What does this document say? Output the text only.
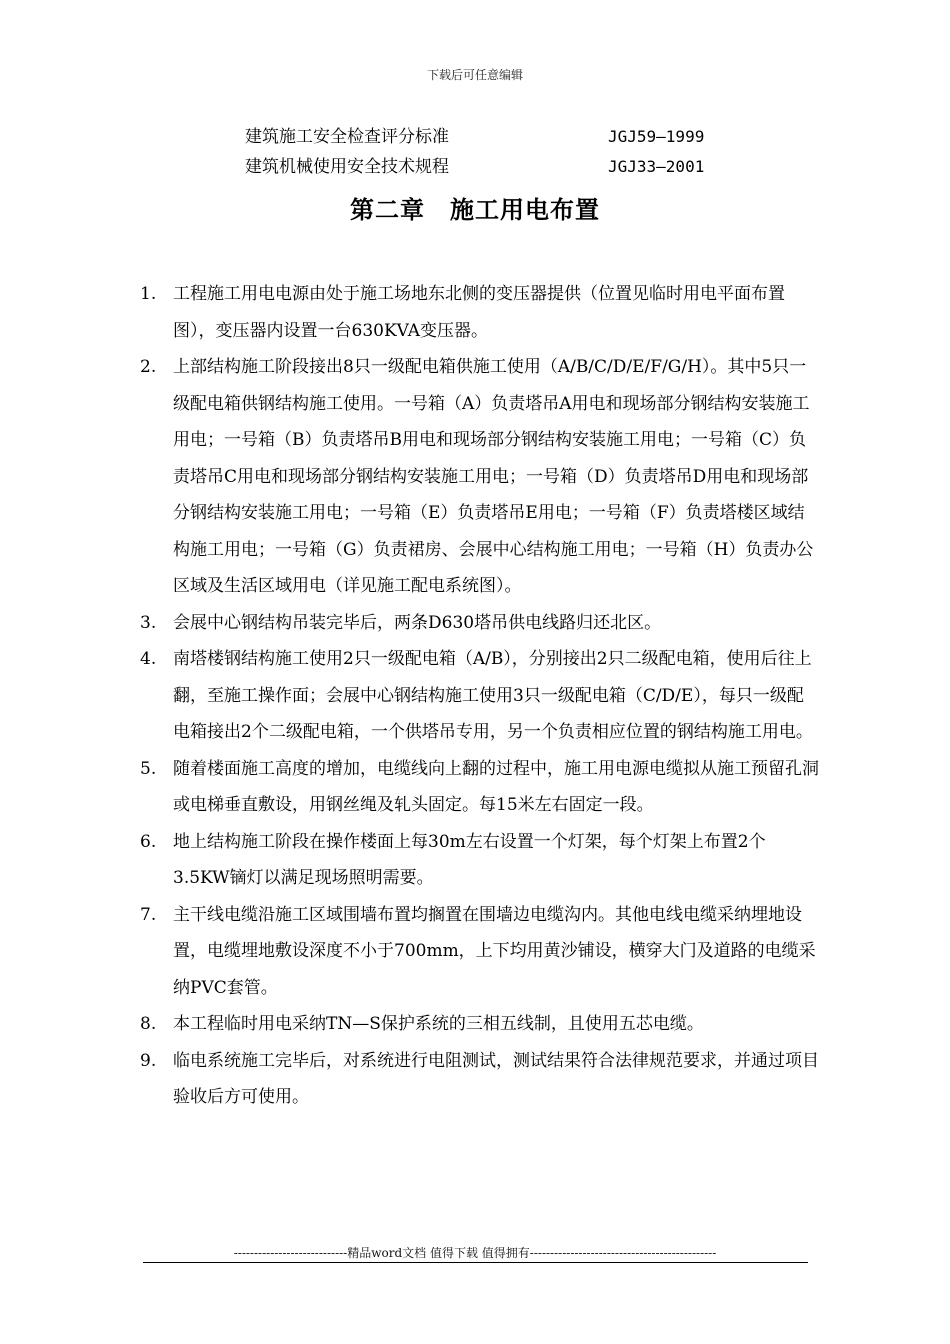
下载后可任意编辑
建筑施工安全检查评分标准	JGJ59—1999
建筑机械使用安全技术规程	JGJ33—2001
第二章　施工用电布置

1. 工程施工用电电源由处于施工场地东北侧的变压器提供（位置见临时用电平面布置图），变压器内设置一台630KVA变压器。

2. 上部结构施工阶段接出8只一级配电箱供施工使用（A/B/C/D/E/F/G/H）。其中5只一级配电箱供钢结构施工使用。一号箱（A）负责塔吊A用电和现场部分钢结构安装施工用电；一号箱（B）负责塔吊B用电和现场部分钢结构安装施工用电；一号箱（C）负责塔吊C用电和现场部分钢结构安装施工用电；一号箱（D）负责塔吊D用电和现场部分钢结构安装施工用电；一号箱（E）负责塔吊E用电；一号箱（F）负责塔楼区域结构施工用电；一号箱（G）负责裙房、会展中心结构施工用电；一号箱（H）负责办公区域及生活区域用电（详见施工配电系统图）。

3. 会展中心钢结构吊装完毕后，两条D630塔吊供电线路归还北区。

4. 南塔楼钢结构施工使用2只一级配电箱（A/B），分别接出2只二级配电箱，使用后往上翻，至施工操作面；会展中心钢结构施工使用3只一级配电箱（C/D/E），每只一级配电箱接出2个二级配电箱，一个供塔吊专用，另一个负责相应位置的钢结构施工用电。

5. 随着楼面施工高度的增加，电缆线向上翻的过程中，施工用电源电缆拟从施工预留孔洞或电梯垂直敷设，用钢丝绳及轧头固定。每15米左右固定一段。

6. 地上结构施工阶段在操作楼面上每30m左右设置一个灯架，每个灯架上布置2个3.5KW镝灯以满足现场照明需要。

7. 主干线电缆沿施工区域围墙布置均搁置在围墙边电缆沟内。其他电线电缆采纳埋地设置，电缆埋地敷设深度不小于700mm，上下均用黄沙铺设，横穿大门及道路的电缆采纳PVC套管。

8. 本工程临时用电采纳TN—S保护系统的三相五线制，且使用五芯电缆。

9. 临电系统施工完毕后，对系统进行电阻测试，测试结果符合法律规范要求，并通过项目验收后方可使用。

----------------------------精品word文档 值得下载 值得拥有----------------------------------------------
